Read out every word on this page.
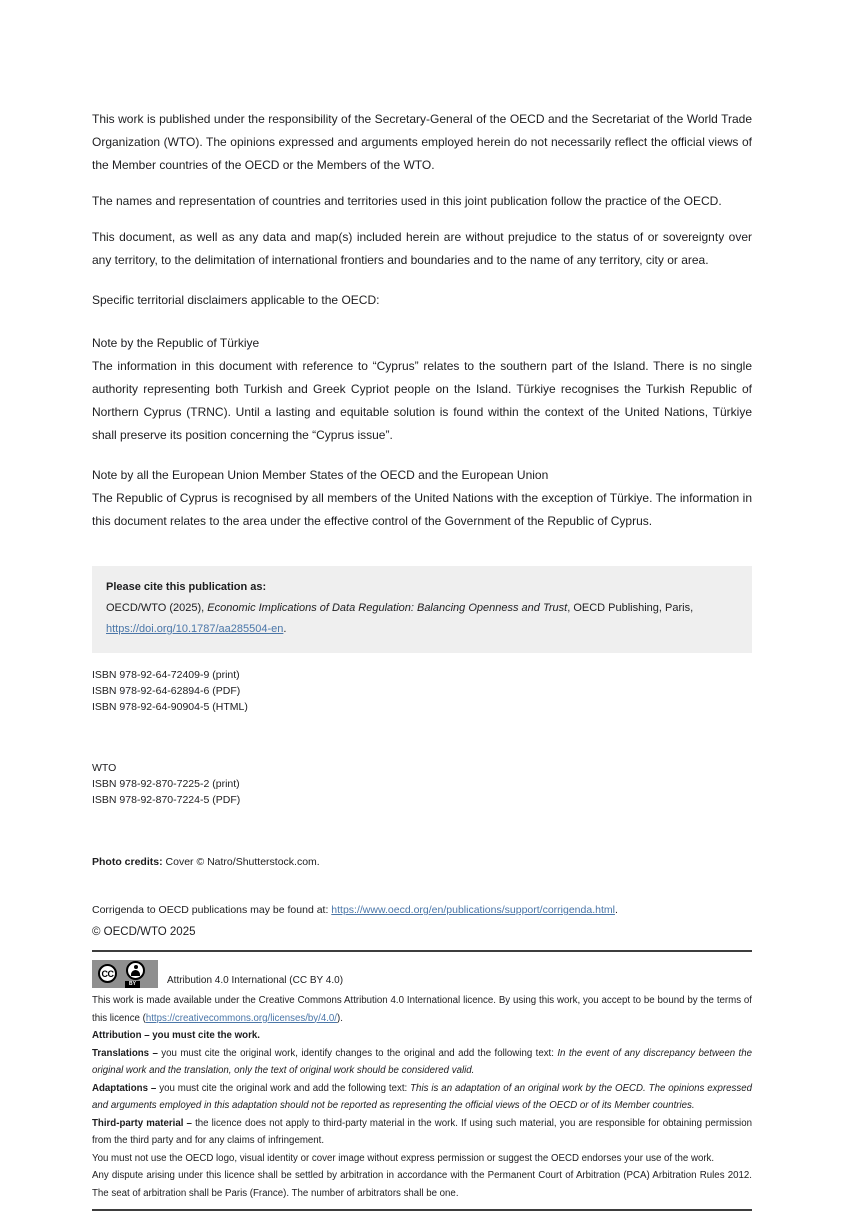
This work is published under the responsibility of the Secretary-General of the OECD and the Secretariat of the World Trade Organization (WTO). The opinions expressed and arguments employed herein do not necessarily reflect the official views of the Member countries of the OECD or the Members of the WTO.

The names and representation of countries and territories used in this joint publication follow the practice of the OECD.

This document, as well as any data and map(s) included herein are without prejudice to the status of or sovereignty over any territory, to the delimitation of international frontiers and boundaries and to the name of any territory, city or area.

Specific territorial disclaimers applicable to the OECD:

Note by the Republic of Türkiye
The information in this document with reference to “Cyprus” relates to the southern part of the Island. There is no single authority representing both Turkish and Greek Cypriot people on the Island. Türkiye recognises the Turkish Republic of Northern Cyprus (TRNC). Until a lasting and equitable solution is found within the context of the United Nations, Türkiye shall preserve its position concerning the “Cyprus issue”.
Note by all the European Union Member States of the OECD and the European Union
The Republic of Cyprus is recognised by all members of the United Nations with the exception of Türkiye. The information in this document relates to the area under the effective control of the Government of the Republic of Cyprus.
Please cite this publication as:
OECD/WTO (2025), Economic Implications of Data Regulation: Balancing Openness and Trust, OECD Publishing, Paris,
https://doi.org/10.1787/aa285504-en.
ISBN 978-92-64-72409-9 (print)
ISBN 978-92-64-62894-6 (PDF)
ISBN 978-92-64-90904-5 (HTML)
WTO
ISBN 978-92-870-7225-2 (print)
ISBN 978-92-870-7224-5 (PDF)
Photo credits: Cover © Natro/Shutterstock.com.
Corrigenda to OECD publications may be found at: https://www.oecd.org/en/publications/support/corrigenda.html.
© OECD/WTO 2025
CC
BY	Attribution 4.0 International (CC BY 4.0)
This work is made available under the Creative Commons Attribution 4.0 International licence. By using this work, you accept to be bound by the terms of this licence (https://creativecommons.org/licenses/by/4.0/).
Attribution – you must cite the work.
Translations – you must cite the original work, identify changes to the original and add the following text: In the event of any discrepancy between the original work and the translation, only the text of original work should be considered valid.
Adaptations – you must cite the original work and add the following text: This is an adaptation of an original work by the OECD. The opinions expressed and arguments employed in this adaptation should not be reported as representing the official views of the OECD or of its Member countries.
Third-party material – the licence does not apply to third-party material in the work. If using such material, you are responsible for obtaining permission from the third party and for any claims of infringement.
You must not use the OECD logo, visual identity or cover image without express permission or suggest the OECD endorses your use of the work.
Any dispute arising under this licence shall be settled by arbitration in accordance with the Permanent Court of Arbitration (PCA) Arbitration Rules 2012. The seat of arbitration shall be Paris (France). The number of arbitrators shall be one.
